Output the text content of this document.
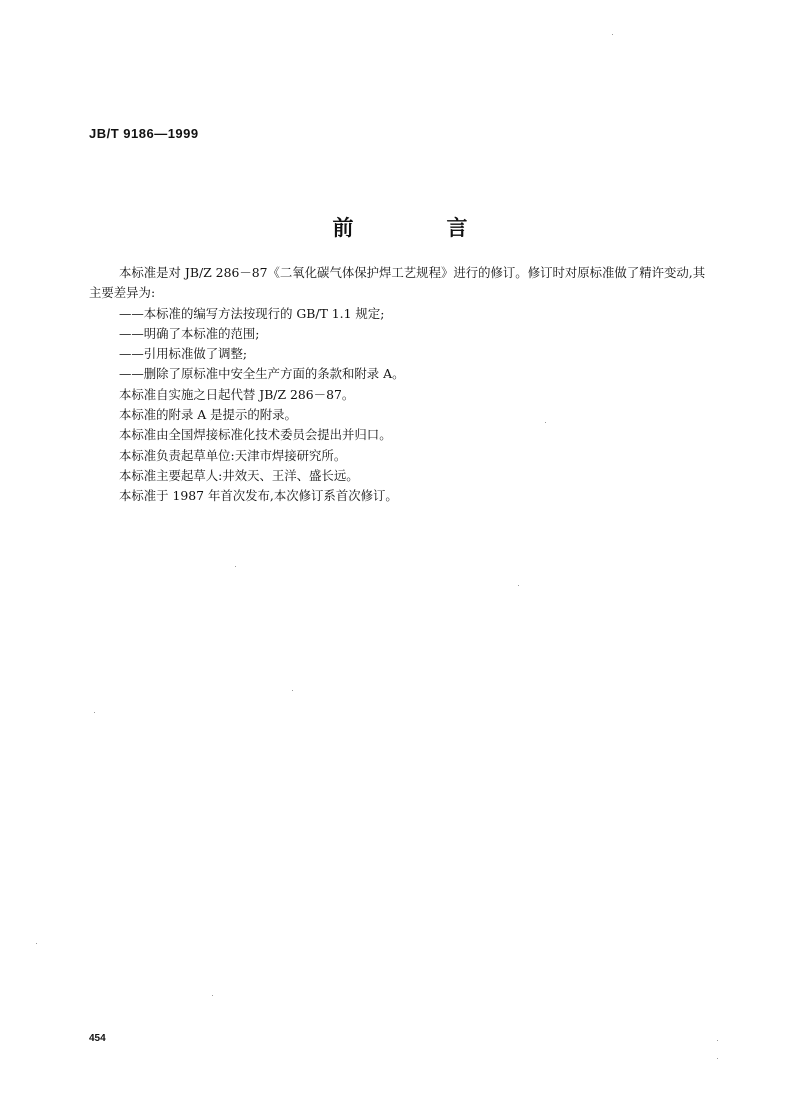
JB/T 9186—1999
前　言

本标准是对 JB/Z 286－87《二氧化碳气体保护焊工艺规程》进行的修订。修订时对原标准做了精许变动,其主要差异为:

——本标准的编写方法按现行的 GB/T 1.1 规定;

——明确了本标准的范围;

——引用标准做了调整;

——删除了原标准中安全生产方面的条款和附录 A。

本标准自实施之日起代替 JB/Z 286－87。

本标准的附录 A 是提示的附录。

本标准由全国焊接标准化技术委员会提出并归口。

本标准负责起草单位:天津市焊接研究所。

本标准主要起草人:井效天、王洋、盛长远。

本标准于 1987 年首次发布,本次修订系首次修订。

454
